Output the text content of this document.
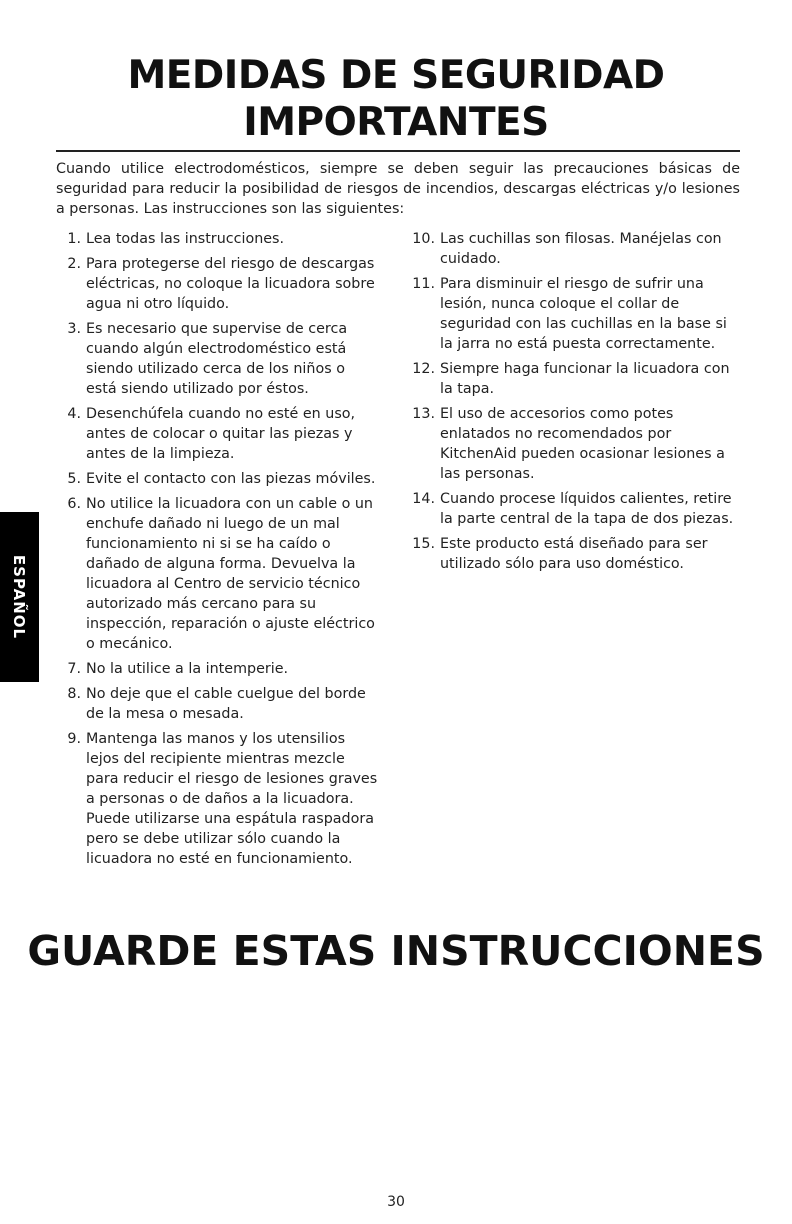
MEDIDAS DE SEGURIDAD
IMPORTANTES
Cuando utilice electrodomésticos, siempre se deben seguir las precauciones básicas de seguridad para reducir la posibilidad de riesgos de incendios, descargas eléctricas y/o lesiones a personas. Las instrucciones son las siguientes:
1. Lea todas las instrucciones.
2. Para protegerse del riesgo de descargas eléctricas, no coloque la licuadora sobre agua ni otro líquido.
3. Es necesario que supervise de cerca cuando algún electrodoméstico está siendo utilizado cerca de los niños o está siendo utilizado por éstos.
4. Desenchúfela cuando no esté en uso, antes de colocar o quitar las piezas y antes de la limpieza.
5. Evite el contacto con las piezas móviles.
6. No utilice la licuadora con un cable o un enchufe dañado ni luego de un mal funcionamiento ni si se ha caído o dañado de alguna forma. Devuelva la licuadora al Centro de servicio técnico autorizado más cercano para su inspección, reparación o ajuste eléctrico o mecánico.
7. No la utilice a la intemperie.
8. No deje que el cable cuelgue del borde de la mesa o mesada.
9. Mantenga las manos y los utensilios lejos del recipiente mientras mezcle para reducir el riesgo de lesiones graves a personas o de daños a la licuadora. Puede utilizarse una espátula raspadora pero se debe utilizar sólo cuando la licuadora no esté en funcionamiento.
10. Las cuchillas son filosas. Manéjelas con cuidado.
11. Para disminuir el riesgo de sufrir una lesión, nunca coloque el collar de seguridad con las cuchillas en la base si la jarra no está puesta correctamente.
12. Siempre haga funcionar la licuadora con la tapa.
13. El uso de accesorios como potes enlatados no recomendados por KitchenAid pueden ocasionar lesiones a las personas.
14. Cuando procese líquidos calientes, retire la parte central de la tapa de dos piezas.
15. Este producto está diseñado para ser utilizado sólo para uso doméstico.
ESPAÑOL
GUARDE ESTAS INSTRUCCIONES
30
